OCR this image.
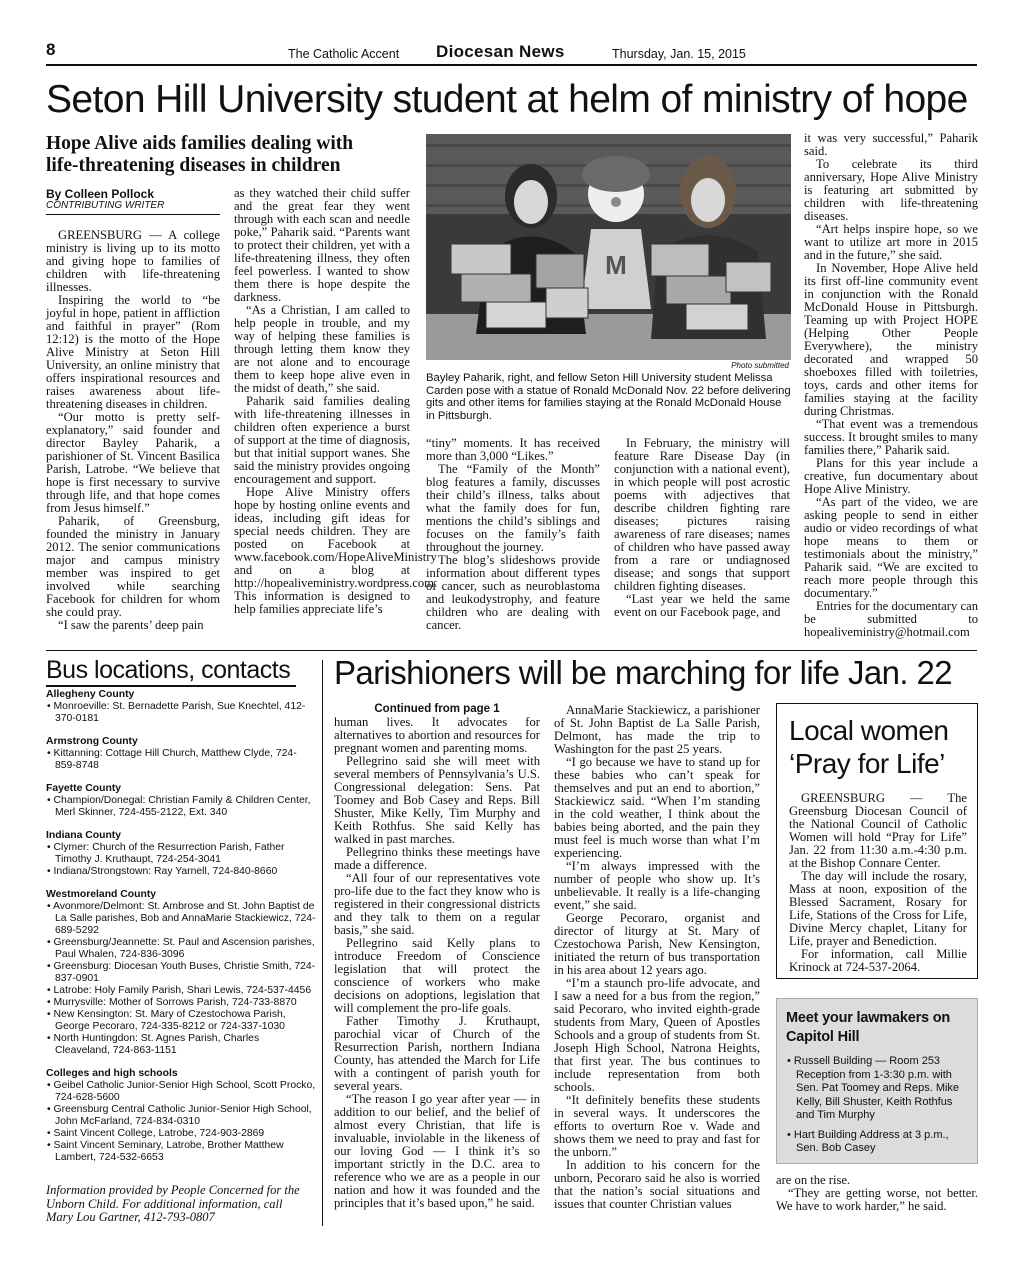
8	The Catholic Accent Diocesan News	Thursday, Jan. 15, 2015
Seton Hill University student at helm of ministry of hope
Hope Alive aids families dealing with
life-threatening diseases in children
By Colleen Pollock
CONTRIBUTING WRITER

GREENSBURG — A college ministry is living up to its motto and giving hope to families of children with life-threatening illnesses.

Inspiring the world to “be joyful in hope, patient in affliction and faithful in prayer” (Rom 12:12) is the motto of the Hope Alive Ministry at Seton Hill University, an online ministry that offers inspirational resources and raises awareness about life-threatening diseases in children.

“Our motto is pretty self-explanatory,” said founder and director Bayley Paharik, a parishioner of St. Vincent Basilica Parish, Latrobe. “We believe that hope is first necessary to survive through life, and that hope comes from Jesus himself.”

Paharik, of Greensburg, founded the ministry in January 2012. The senior communications major and campus ministry member was inspired to get involved while searching Facebook for children for whom she could pray.

“I saw the parents’ deep pain

as they watched their child suffer and the great fear they went through with each scan and needle poke,” Paharik said. “Parents want to protect their children, yet with a life-threatening illness, they often feel powerless. I wanted to show them there is hope despite the darkness.

“As a Christian, I am called to help people in trouble, and my way of helping these families is through letting them know they are not alone and to encourage them to keep hope alive even in the midst of death,” she said.

Paharik said families dealing with life-threatening illnesses in children often experience a burst of support at the time of diagnosis, but that initial support wanes. She said the ministry provides ongoing encouragement and support.

Hope Alive Ministry offers hope by hosting online events and ideas, including gift ideas for special needs children. They are posted on Facebook at www.facebook.com/HopeAliveMinistry and on a blog at http://hopealiveministry.wordpress.com. This information is designed to help families appreciate life’s

M
Photo submitted
Bayley Paharik, right, and fellow Seton Hill University student Melissa Carden pose with a statue of Ronald McDonald Nov. 22 before delivering gits and other items for families staying at the Ronald McDonald House in Pittsburgh.

“tiny” moments. It has received more than 3,000 “Likes.”

The “Family of the Month” blog features a family, discusses their child’s illness, talks about what the family does for fun, mentions the child’s siblings and focuses on the family’s faith throughout the journey.

The blog’s slideshows provide information about different types of cancer, such as neuroblastoma and leukodystrophy, and feature children who are dealing with cancer.

In February, the ministry will feature Rare Disease Day (in conjunction with a national event), in which people will post acrostic poems with adjectives that describe children fighting rare diseases; pictures raising awareness of rare diseases; names of children who have passed away from a rare or undiagnosed disease; and songs that support children fighting diseases.

“Last year we held the same event on our Facebook page, and

it was very successful,” Paharik said.

To celebrate its third anniversary, Hope Alive Ministry is featuring art submitted by children with life-threatening diseases.

“Art helps inspire hope, so we want to utilize art more in 2015 and in the future,” she said.

In November, Hope Alive held its first off-line community event in conjunction with the Ronald McDonald House in Pittsburgh. Teaming up with Project HOPE (Helping Other People Everywhere), the ministry decorated and wrapped 50 shoeboxes filled with toiletries, toys, cards and other items for families staying at the facility during Christmas.

“That event was a tremendous success. It brought smiles to many families there,” Paharik said.

Plans for this year include a creative, fun documentary about Hope Alive Ministry.

“As part of the video, we are asking people to send in either audio or video recordings of what hope means to them or testimonials about the ministry,” Paharik said. “We are excited to reach more people through this documentary.”

Entries for the documentary can be submitted to hopealiveministry@hotmail.com

Bus locations, contacts
Allegheny County
• Monroeville: St. Bernadette Parish, Sue Knechtel, 412-370-0181
Armstrong County
• Kittanning: Cottage Hill Church, Matthew Clyde, 724-859-8748
Fayette County
• Champion/Donegal: Christian Family & Children Center, Merl Skinner, 724-455-2122, Ext. 340
Indiana County
• Clymer: Church of the Resurrection Parish, Father Timothy J. Kruthaupt, 724-254-3041
• Indiana/Strongstown: Ray Yarnell, 724-840-8660
Westmoreland County
• Avonmore/Delmont: St. Ambrose and St. John Baptist de La Salle parishes, Bob and AnnaMarie Stackiewicz, 724-689-5292
• Greensburg/Jeannette: St. Paul and Ascension parishes, Paul Whalen, 724-836-3096
• Greensburg: Diocesan Youth Buses, Christie Smith, 724-837-0901
• Latrobe: Holy Family Parish, Shari Lewis, 724-537-4456
• Murrysville: Mother of Sorrows Parish, 724-733-8870
• New Kensington: St. Mary of Czestochowa Parish, George Pecoraro, 724-335-8212 or 724-337-1030
• North Huntingdon: St. Agnes Parish, Charles Cleaveland, 724-863-1151
Colleges and high schools
• Geibel Catholic Junior-Senior High School, Scott Procko, 724-628-5600
• Greensburg Central Catholic Junior-Senior High School, John McFarland, 724-834-0310
• Saint Vincent College, Latrobe, 724-903-2869
• Saint Vincent Seminary, Latrobe, Brother Matthew Lambert, 724-532-6653
Information provided by People Concerned for the Unborn Child. For additional information, call Mary Lou Gartner, 412-793-0807
Parishioners will be marching for life Jan. 22
Continued from page 1

human lives. It advocates for alternatives to abortion and resources for pregnant women and parenting moms.

Pellegrino said she will meet with several members of Pennsylvania’s U.S. Congressional delegation: Sens. Pat Toomey and Bob Casey and Reps. Bill Shuster, Mike Kelly, Tim Murphy and Keith Rothfus. She said Kelly has walked in past marches.

Pellegrino thinks these meetings have made a difference.

“All four of our representatives vote pro-life due to the fact they know who is registered in their congressional districts and they talk to them on a regular basis,” she said.

Pellegrino said Kelly plans to introduce Freedom of Conscience legislation that will protect the conscience of workers who make decisions on adoptions, legislation that will complement the pro-life goals.

Father Timothy J. Kruthaupt, parochial vicar of Church of the Resurrection Parish, northern Indiana County, has attended the March for Life with a contingent of parish youth for several years.

“The reason I go year after year — in addition to our belief, and the belief of almost every Christian, that life is invaluable, inviolable in the likeness of our loving God — I think it’s so important strictly in the D.C. area to reference who we are as a people in our nation and how it was founded and the principles that it’s based upon,” he said.

AnnaMarie Stackiewicz, a parishioner of St. John Baptist de La Salle Parish, Delmont, has made the trip to Washington for the past 25 years.

“I go because we have to stand up for these babies who can’t speak for themselves and put an end to abortion,” Stackiewicz said. “When I’m standing in the cold weather, I think about the babies being aborted, and the pain they must feel is much worse than what I’m experiencing.

“I’m always impressed with the number of people who show up. It’s unbelievable. It really is a life-changing event,” she said.

George Pecoraro, organist and director of liturgy at St. Mary of Czestochowa Parish, New Kensington, initiated the return of bus transportation in his area about 12 years ago.

“I’m a staunch pro-life advocate, and I saw a need for a bus from the region,” said Pecoraro, who invited eighth-grade students from Mary, Queen of Apostles Schools and a group of students from St. Joseph High School, Natrona Heights, that first year. The bus continues to include representation from both schools.

“It definitely benefits these students in several ways. It underscores the efforts to overturn Roe v. Wade and shows them we need to pray and fast for the unborn.”

In addition to his concern for the unborn, Pecoraro said he also is worried that the nation’s social situations and issues that counter Christian values

Local women
‘Pray for Life’

GREENSBURG — The Greensburg Diocesan Council of the National Council of Catholic Women will hold “Pray for Life” Jan. 22 from 11:30 a.m.-4:30 p.m. at the Bishop Connare Center.

The day will include the rosary, Mass at noon, exposition of the Blessed Sacrament, Rosary for Life, Stations of the Cross for Life, Divine Mercy chaplet, Litany for Life, prayer and Benediction.

For information, call Millie Krinock at 724-537-2064.

Meet your lawmakers on Capitol Hill
• Russell Building — Room 253 Reception from 1-3:30 p.m. with Sen. Pat Toomey and Reps. Mike Kelly, Bill Shuster, Keith Rothfus and Tim Murphy
• Hart Building Address at 3 p.m., Sen. Bob Casey

are on the rise.

“They are getting worse, not better. We have to work harder,” he said.
